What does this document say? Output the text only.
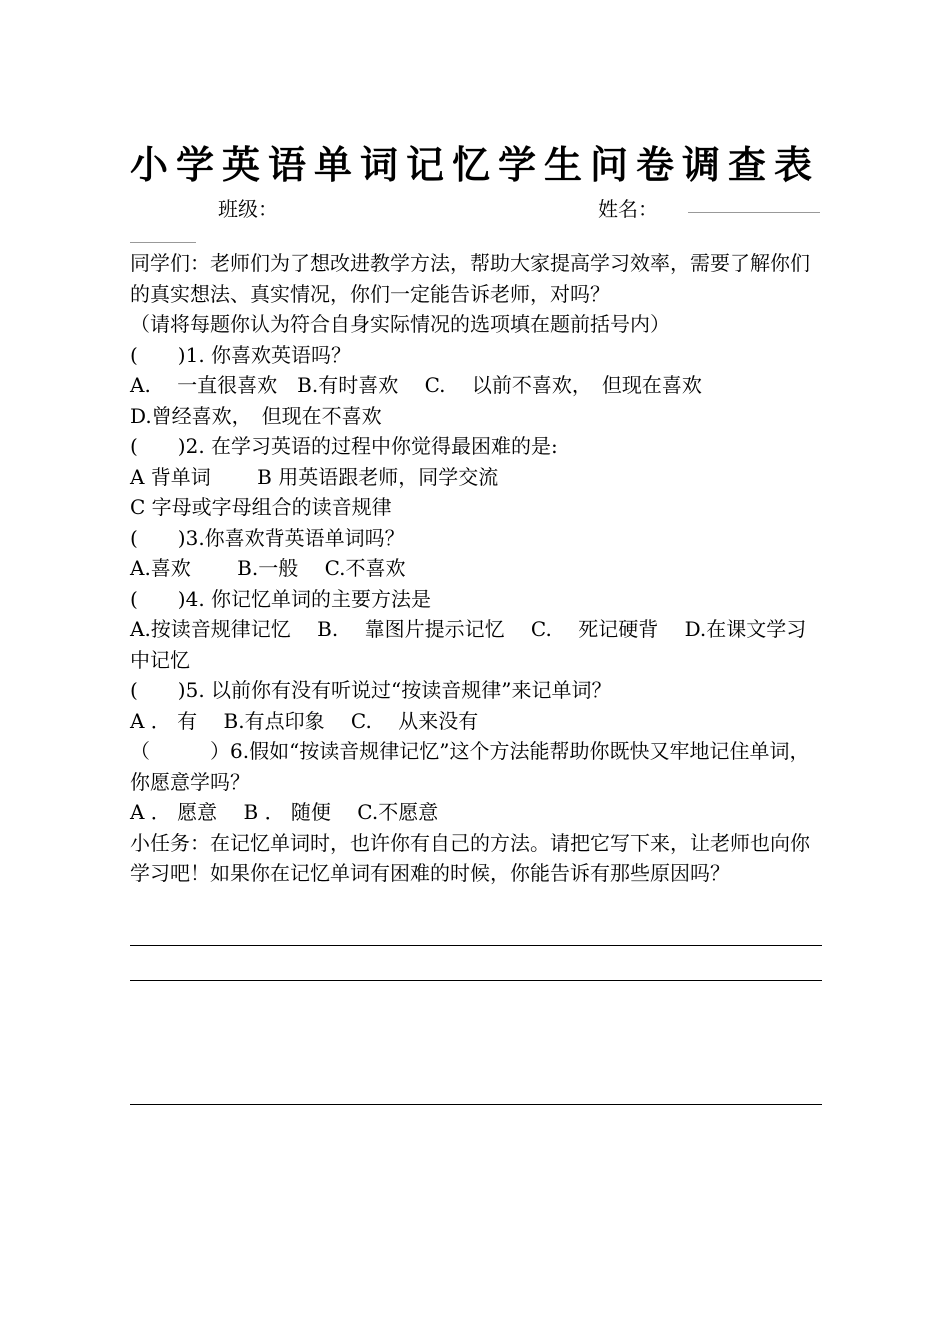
小学英语单词记忆学生问卷调查表
班级：	姓名：

同学们：老师们为了想改进教学方法，帮助大家提高学习效率，需要了解你们的真实想法、真实情况，你们一定能告诉老师，对吗？

（请将每题你认为符合自身实际情况的选项填在题前括号内）

(　　)1. 你喜欢英语吗？

A.　 一直很喜欢　B.有时喜欢　 C.　 以前不喜欢，　但现在喜欢

D.曾经喜欢，　但现在不喜欢

(　　)2. 在学习英语的过程中你觉得最困难的是:

A 背单词　　 B 用英语跟老师，同学交流

C 字母或字母组合的读音规律

(　　)3.你喜欢背英语单词吗？

A.喜欢　　 B.一般　 C.不喜欢

(　　)4. 你记忆单词的主要方法是

A.按读音规律记忆　 B.　 靠图片提示记忆　 C.　 死记硬背　 D.在课文学习中记忆

(　　)5. 以前你有没有听说过“按读音规律”来记单词？

A ． 有　 B.有点印象　 C.　 从来没有

（　　　）6.假如“按读音规律记忆”这个方法能帮助你既快又牢地记住单词，你愿意学吗？

A ． 愿意　 B ． 随便　 C.不愿意

小任务：在记忆单词时，也许你有自己的方法。请把它写下来，让老师也向你学习吧！如果你在记忆单词有困难的时候，你能告诉有那些原因吗？
